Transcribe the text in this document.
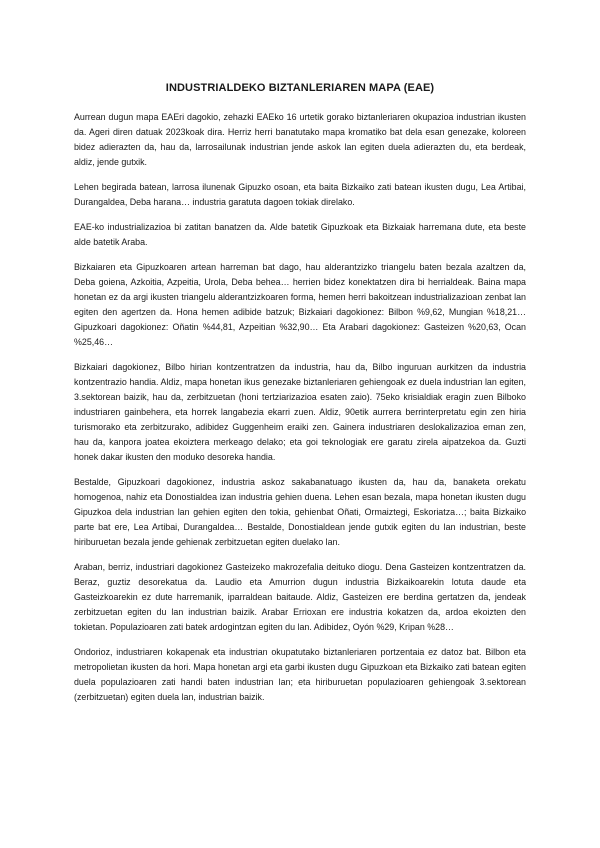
INDUSTRIALDEKO BIZTANLERIAREN MAPA (EAE)

Aurrean dugun mapa EAEri dagokio, zehazki EAEko 16 urtetik gorako biztanleriaren okupazioa industrian ikusten da. Ageri diren datuak 2023koak dira. Herriz herri banatutako mapa kromatiko bat dela esan genezake, koloreen bidez adierazten da, hau da, larrosailunak industrian jende askok lan egiten duela adierazten du, eta berdeak, aldiz, jende gutxik.

Lehen begirada batean, larrosa ilunenak Gipuzko osoan, eta baita Bizkaiko zati batean ikusten dugu, Lea Artibai, Durangaldea, Deba harana… industria garatuta dagoen tokiak direlako.

EAE-ko industrializazioa bi zatitan banatzen da. Alde batetik Gipuzkoak eta Bizkaiak harremana dute, eta beste alde batetik Araba.

Bizkaiaren eta Gipuzkoaren artean harreman bat dago, hau alderantzizko triangelu baten bezala azaltzen da, Deba goiena, Azkoitia, Azpeitia, Urola, Deba behea… herrien bidez konektatzen dira bi herrialdeak. Baina mapa honetan ez da argi ikusten triangelu alderantzizkoaren forma, hemen herri bakoitzean industrializazioan zenbat lan egiten den agertzen da. Hona hemen adibide batzuk; Bizkaiari dagokionez: Bilbon %9,62, Mungian %18,21… Gipuzkoari dagokionez: Oñatin %44,81, Azpeitian %32,90… Eta Arabari dagokionez: Gasteizen %20,63, Ocan %25,46…

Bizkaiari dagokionez, Bilbo hirian kontzentratzen da industria, hau da, Bilbo inguruan aurkitzen da industria kontzentrazio handia. Aldiz, mapa honetan ikus genezake biztanleriaren gehiengoak ez duela industrian lan egiten, 3.sektorean baizik, hau da, zerbitzuetan (honi tertziarizazioa esaten zaio). 75eko krisialdiak eragin zuen Bilboko industriaren gainbehera, eta horrek langabezia ekarri zuen. Aldiz, 90etik aurrera berrinterpretatu egin zen hiria turismorako eta zerbitzurako, adibidez Guggenheim eraiki zen. Gainera industriaren deslokalizazioa eman zen, hau da, kanpora joatea ekoiztera merkeago delako; eta goi teknologiak ere garatu zirela aipatzekoa da. Guzti honek dakar ikusten den moduko desoreka handia.

Bestalde, Gipuzkoari dagokionez, industria askoz sakabanatuago ikusten da, hau da, banaketa orekatu homogenoa, nahiz eta Donostialdea izan industria gehien duena. Lehen esan bezala, mapa honetan ikusten dugu Gipuzkoa dela industrian lan gehien egiten den tokia, gehienbat Oñati, Ormaiztegi, Eskoriatza…; baita Bizkaiko parte bat ere, Lea Artibai, Durangaldea… Bestalde, Donostialdean jende gutxik egiten du lan industrian, beste hiriburuetan bezala jende gehienak zerbitzuetan egiten duelako lan.

Araban, berriz, industriari dagokionez Gasteizeko makrozefalia deituko diogu. Dena Gasteizen kontzentratzen da. Beraz, guztiz desorekatua da. Laudio eta Amurrion dugun industria Bizkaikoarekin lotuta daude eta Gasteizkoarekin ez dute harremanik, iparraldean baitaude. Aldiz, Gasteizen ere berdina gertatzen da, jendeak zerbitzuetan egiten du lan industrian baizik. Arabar Errioxan ere industria kokatzen da, ardoa ekoizten den tokietan. Populazioaren zati batek ardogintzan egiten du lan. Adibidez, Oyón %29, Kripan %28…

Ondorioz, industriaren kokapenak eta industrian okupatutako biztanleriaren portzentaia ez datoz bat. Bilbon eta metropolietan ikusten da hori. Mapa honetan argi eta garbi ikusten dugu Gipuzkoan eta Bizkaiko zati batean egiten duela populazioaren zati handi baten industrian lan; eta hiriburuetan populazioaren gehiengoak 3.sektorean (zerbitzuetan) egiten duela lan, industrian baizik.
